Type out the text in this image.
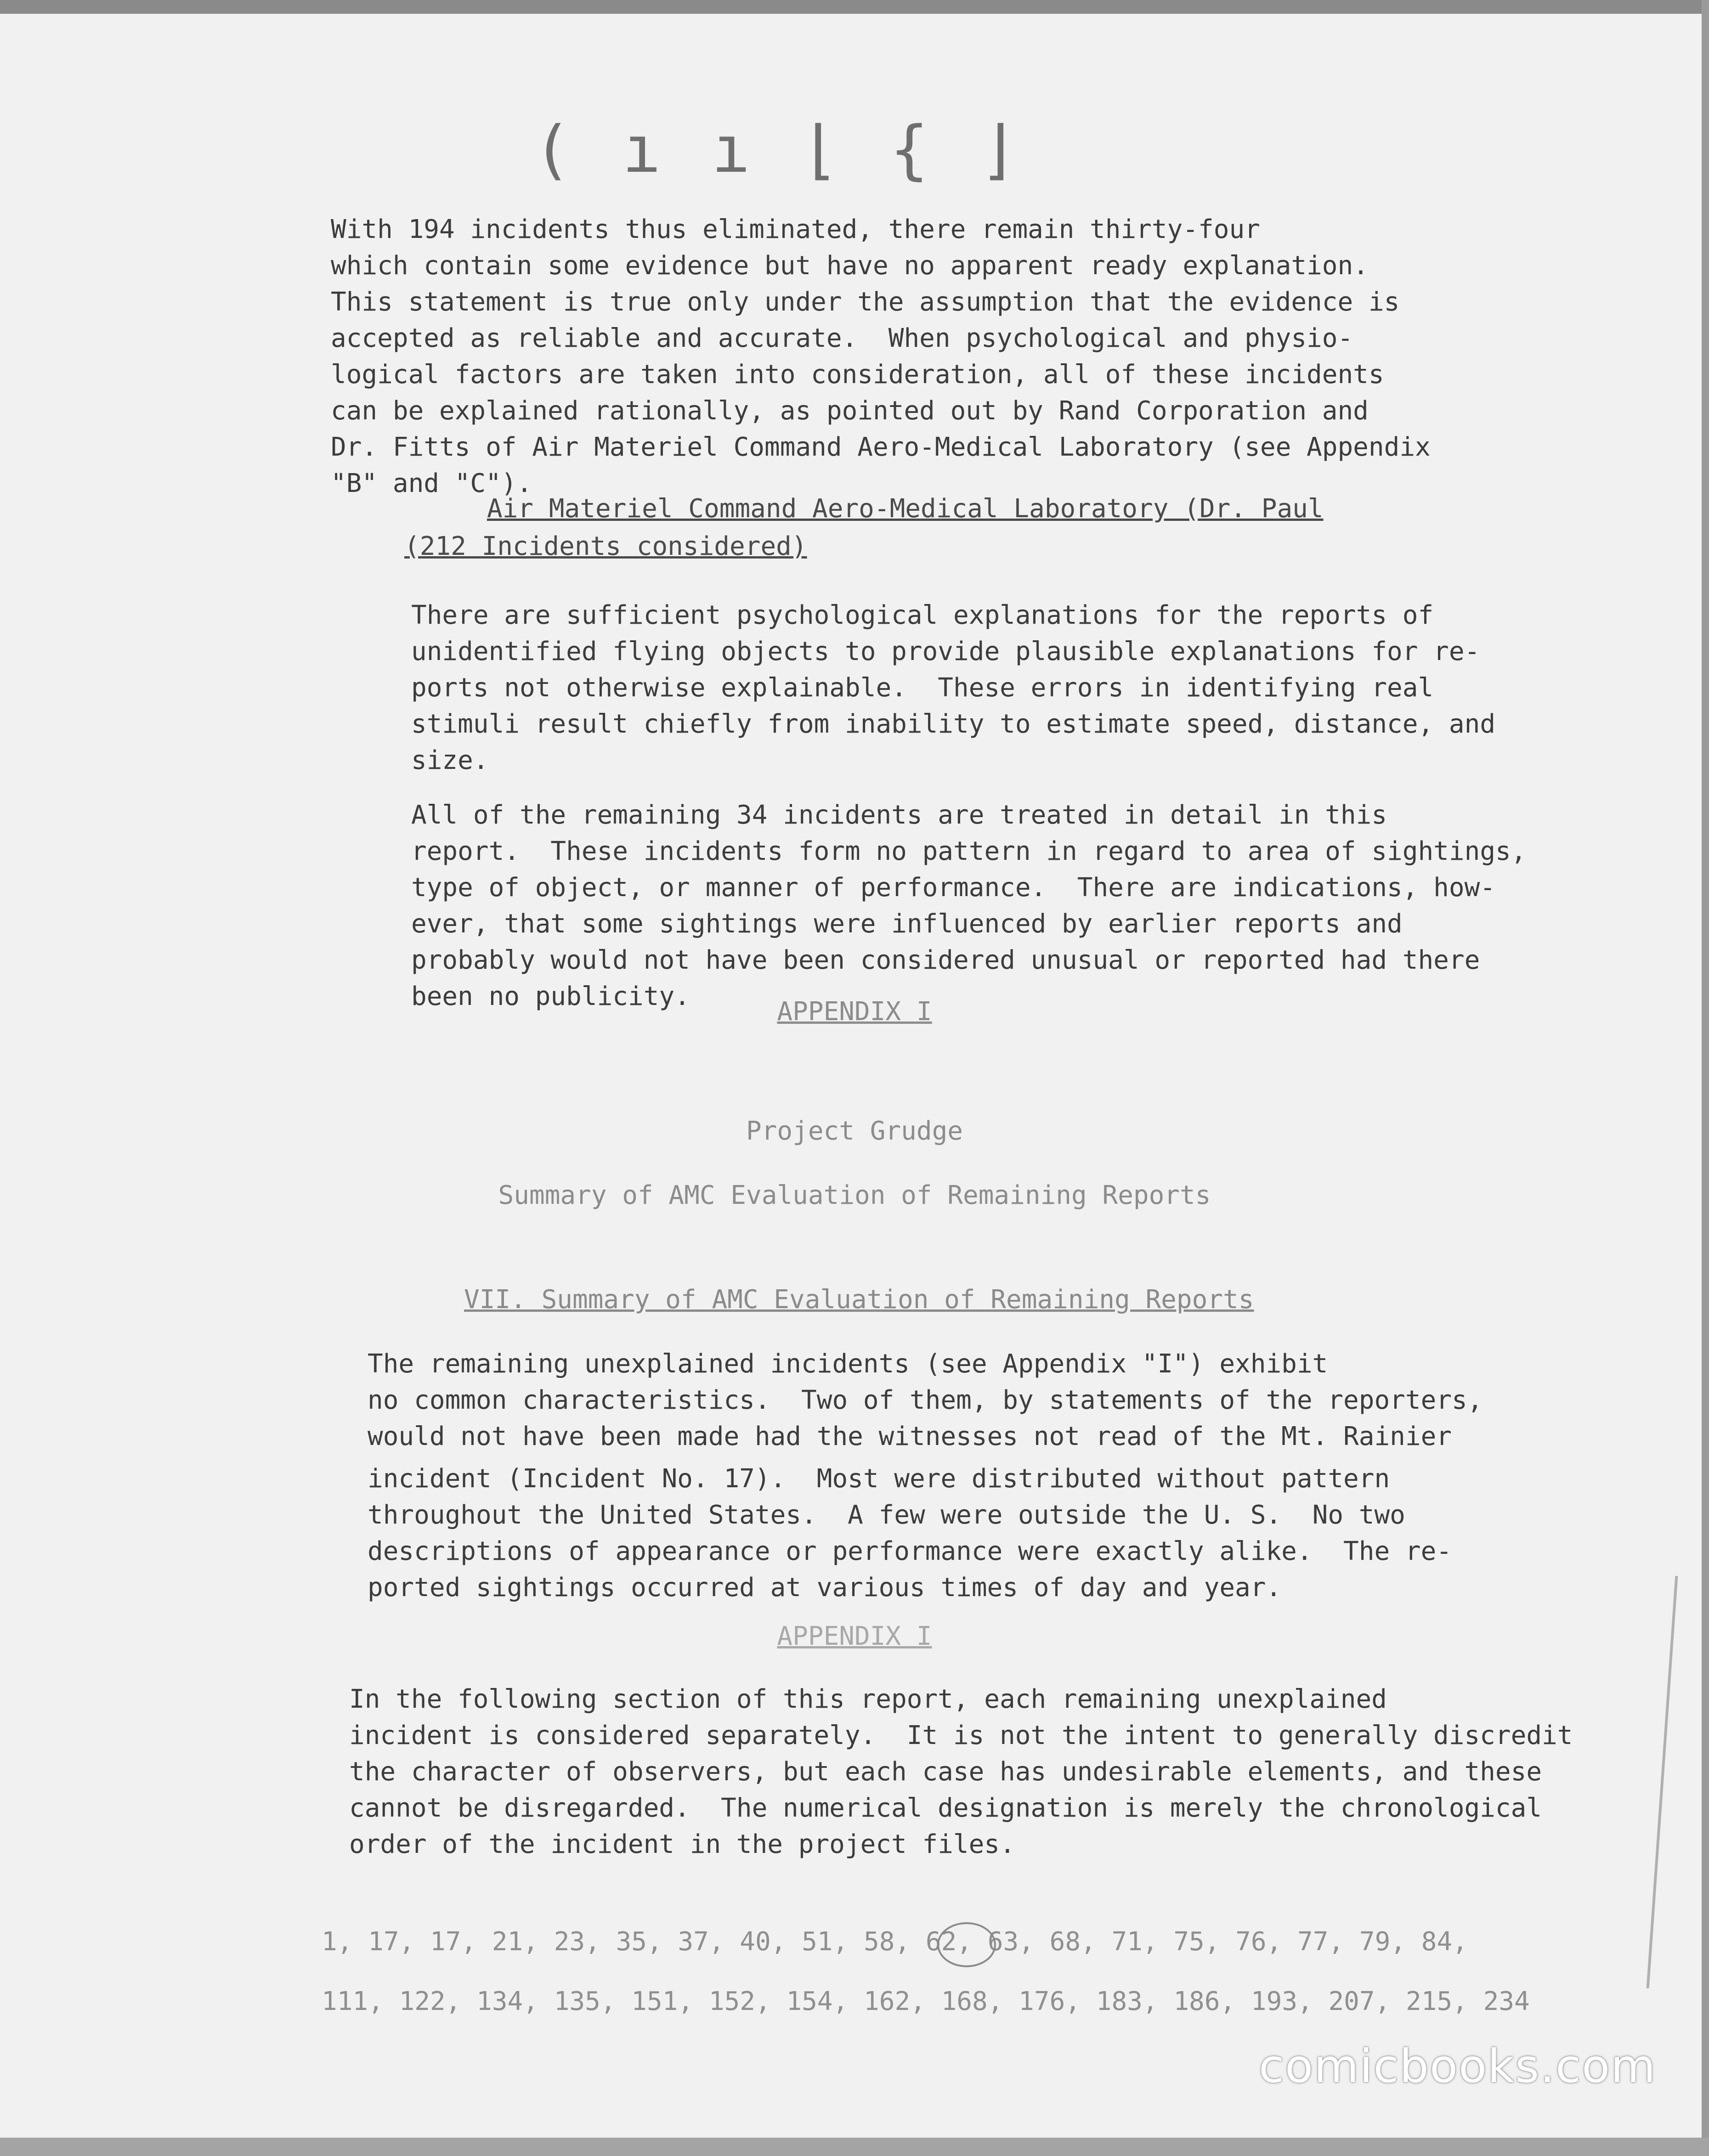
(ıı⌊{⌋
With 194 incidents thus eliminated, there remain thirty-four
which contain some evidence but have no apparent ready explanation.
This statement is true only under the assumption that the evidence is
accepted as reliable and accurate.  When psychological and physio-
logical factors are taken into consideration, all of these incidents
can be explained rationally, as pointed out by Rand Corporation and
Dr. Fitts of Air Materiel Command Aero-Medical Laboratory (see Appendix
"B" and "C").
Air Materiel Command Aero-Medical Laboratory (Dr. Paul
(212 Incidents considered)
There are sufficient psychological explanations for the reports of
unidentified flying objects to provide plausible explanations for re-
ports not otherwise explainable.  These errors in identifying real
stimuli result chiefly from inability to estimate speed, distance, and
size.
All of the remaining 34 incidents are treated in detail in this
report.  These incidents form no pattern in regard to area of sightings,
type of object, or manner of performance.  There are indications, how-
ever, that some sightings were influenced by earlier reports and
probably would not have been considered unusual or reported had there
been no publicity.
APPENDIX I
Project Grudge
Summary of AMC Evaluation of Remaining Reports
VII. Summary of AMC Evaluation of Remaining Reports
The remaining unexplained incidents (see Appendix "I") exhibit
no common characteristics.  Two of them, by statements of the reporters,
would not have been made had the witnesses not read of the Mt. Rainier
incident (Incident No. 17).  Most were distributed without pattern
throughout the United States.  A few were outside the U. S.  No two
descriptions of appearance or performance were exactly alike.  The re-
ported sightings occurred at various times of day and year.
APPENDIX I
In the following section of this report, each remaining unexplained
incident is considered separately.  It is not the intent to generally discredit
the character of observers, but each case has undesirable elements, and these
cannot be disregarded.  The numerical designation is merely the chronological
order of the incident in the project files.
1, 17, 17, 21, 23, 35, 37, 40, 51, 58, 62, 63, 68, 71, 75, 76, 77, 79, 84,
111, 122, 134, 135, 151, 152, 154, 162, 168, 176, 183, 186, 193, 207, 215, 234
comicbooks.com
